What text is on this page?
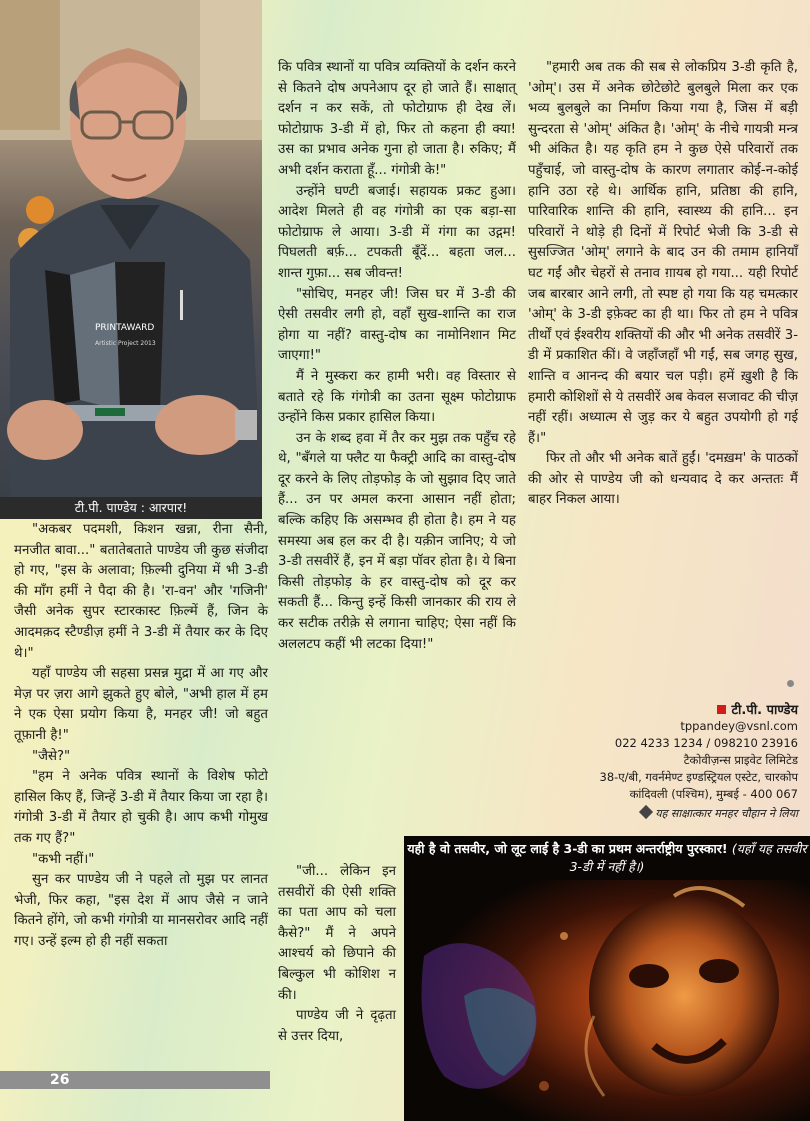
PRINTAWARD
Artistic Project 2013
टी.पी. पाण्डेय : आरपार!

"अकबर पदमशी, किशन खन्ना, रीना सैनी, मनजीत बावा..." बतातेबताते पाण्डेय जी कुछ संजीदा हो गए, "इस के अलावा; फ़िल्मी दुनिया में भी 3-डी की माँग हमीं ने पैदा की है। 'रा-वन' और 'गजिनी' जैसी अनेक सुपर स्टारकास्ट फ़िल्में हैं, जिन के आदमक़द स्टैण्डीज़ हमीं ने 3-डी में तैयार कर के दिए थे।"

यहाँ पाण्डेय जी सहसा प्रसन्न मुद्रा में आ गए और मेज़ पर ज़रा आगे झुकते हुए बोले, "अभी हाल में हम ने एक ऐसा प्रयोग किया है, मनहर जी! जो बहुत तूफ़ानी है!"

"जैसे?"

"हम ने अनेक पवित्र स्थानों के विशेष फोटो हासिल किए हैं, जिन्हें 3-डी में तैयार किया जा रहा है। गंगोत्री 3-डी में तैयार हो चुकी है। आप कभी गोमुख तक गए हैं?"

"कभी नहीं।"

सुन कर पाण्डेय जी ने पहले तो मुझ पर लानत भेजी, फिर कहा, "इस देश में आप जैसे न जाने कितने होंगे, जो कभी गंगोत्री या मानसरोवर आदि नहीं गए। उन्हें इल्म हो ही नहीं सकता

कि पवित्र स्थानों या पवित्र व्यक्तियों के दर्शन करने से कितने दोष अपनेआप दूर हो जाते हैं। साक्षात् दर्शन न कर सकें, तो फोटोग्राफ ही देख लें। फोटोग्राफ 3-डी में हो, फिर तो कहना ही क्या! उस का प्रभाव अनेक गुना हो जाता है। रुकिए; मैं अभी दर्शन कराता हूँ... गंगोत्री के!"

उन्होंने घण्टी बजाई। सहायक प्रकट हुआ। आदेश मिलते ही वह गंगोत्री का एक बड़ा-सा फोटोग्राफ ले आया। 3-डी में गंगा का उद्गम! पिघलती बर्फ़... टपकती बूँदें... बहता जल... शान्त गुफ़ा... सब जीवन्त!

"सोचिए, मनहर जी! जिस घर में 3-डी की ऐसी तसवीर लगी हो, वहाँ सुख-शान्ति का राज होगा या नहीं? वास्तु-दोष का नामोनिशान मिट जाएगा!"

मैं ने मुस्करा कर हामी भरी। वह विस्तार से बताते रहे कि गंगोत्री का उतना सूक्ष्म फोटोग्राफ उन्होंने किस प्रकार हासिल किया।

उन के शब्द हवा में तैर कर मुझ तक पहुँच रहे थे, "बँगले या फ्लैट या फैक्ट्री आदि का वास्तु-दोष दूर करने के लिए तोड़फोड़ के जो सुझाव दिए जाते हैं... उन पर अमल करना आसान नहीं होता; बल्कि कहिए कि असम्भव ही होता है। हम ने यह समस्या अब हल कर दी है। यक़ीन जानिए; ये जो 3-डी तसवीरें हैं, इन में बड़ा पॉवर होता है। ये बिना किसी तोड़फोड़ के हर वास्तु-दोष को दूर कर सकती हैं... किन्तु इन्हें किसी जानकार की राय ले कर सटीक तरीक़े से लगाना चाहिए; ऐसा नहीं कि अललटप कहीं भी लटका दिया!"

"जी... लेकिन इन तसवीरों की ऐसी शक्ति का पता आप को चला कैसे?" मैं ने अपने आश्चर्य को छिपाने की बिल्कुल भी कोशिश न की।

पाण्डेय जी ने दृढ़ता से उत्तर दिया,

"हमारी अब तक की सब से लोकप्रिय 3-डी कृति है, 'ओम्'। उस में अनेक छोटेछोटे बुलबुले मिला कर एक भव्य बुलबुले का निर्माण किया गया है, जिस में बड़ी सुन्दरता से 'ओम्' अंकित है। 'ओम्' के नीचे गायत्री मन्त्र भी अंकित है। यह कृति हम ने कुछ ऐसे परिवारों तक पहुँचाई, जो वास्तु-दोष के कारण लगातार कोई-न-कोई हानि उठा रहे थे। आर्थिक हानि, प्रतिष्ठा की हानि, पारिवारिक शान्ति की हानि, स्वास्थ्य की हानि... इन परिवारों ने थोड़े ही दिनों में रिपोर्ट भेजी कि 3-डी से सुसज्जित 'ओम्' लगाने के बाद उन की तमाम हानियाँ घट गईं और चेहरों से तनाव ग़ायब हो गया... यही रिपोर्ट जब बारबार आने लगी, तो स्पष्ट हो गया कि यह चमत्कार 'ओम्' के 3-डी इफ़ेक्ट का ही था। फिर तो हम ने पवित्र तीर्थों एवं ईश्वरीय शक्तियों की और भी अनेक तसवीरें 3-डी में प्रकाशित कीं। वे जहाँजहाँ भी गईं, सब जगह सुख, शान्ति व आनन्द की बयार चल पड़ी। हमें ख़ुशी है कि हमारी कोशिशों से ये तसवीरें अब केवल सजावट की चीज़ नहीं रहीं। अध्यात्म से जुड़ कर ये बहुत उपयोगी हो गई हैं।"

फिर तो और भी अनेक बातें हुईं। 'दमख़म' के पाठकों की ओर से पाण्डेय जी को धन्यवाद दे कर अन्ततः मैं बाहर निकल आया।

टी.पी. पाण्डेय
tppandey@vsnl.com
022 4233 1234 / 098210 23916
टैकोवीज़न्स प्राइवेट लिमिटेड
38-ए/बी, गवर्नमेण्ट इण्डस्ट्रियल एस्टेट, चारकोप
कांदिवली (पश्चिम), मुम्बई - 400 067
यह साक्षात्कार मनहर चौहान ने लिया
यही है वो तसवीर, जो लूट लाई है 3-डी का प्रथम अन्तर्राष्ट्रीय पुरस्कार! (यहाँ यह तसवीर 3-डी में नहीं है।)
26
